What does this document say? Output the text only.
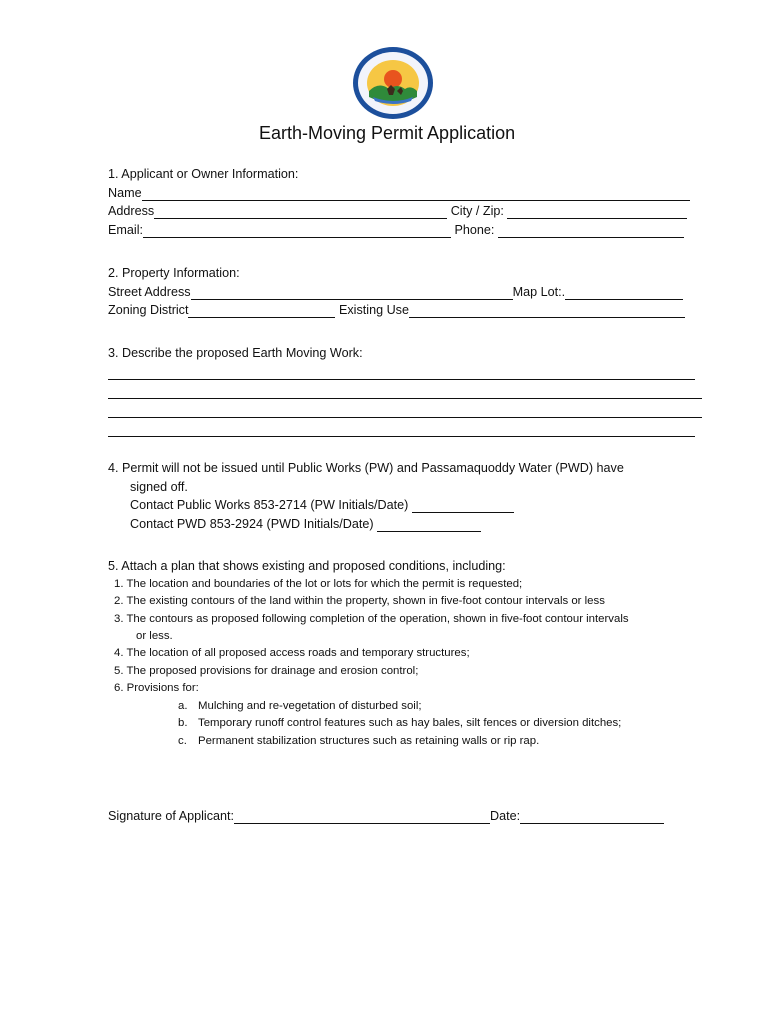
Earth-Moving Permit Application
1. Applicant or Owner Information:
Name
Address	City / Zip:
Email:	Phone:
2. Property Information:
Street Address	Map Lot:.
Zoning District	Existing Use
3. Describe the proposed Earth Moving Work:
4. Permit will not be issued until Public Works (PW) and Passamaquoddy Water (PWD) have
signed off.
Contact Public Works 853-2714 (PW Initials/Date)
Contact PWD 853-2924 (PWD Initials/Date)
5. Attach a plan that shows existing and proposed conditions, including:
1. The location and boundaries of the lot or lots for which the permit is requested;
2. The existing contours of the land within the property, shown in five-foot contour intervals or less
3. The contours as proposed following completion of the operation, shown in five-foot contour intervals
or less.
4. The location of all proposed access roads and temporary structures;
5. The proposed provisions for drainage and erosion control;
6. Provisions for:
a. Mulching and re-vegetation of disturbed soil;
b. Temporary runoff control features such as hay bales, silt fences or diversion ditches;
c. Permanent stabilization structures such as retaining walls or rip rap.
Signature of Applicant:	Date:
